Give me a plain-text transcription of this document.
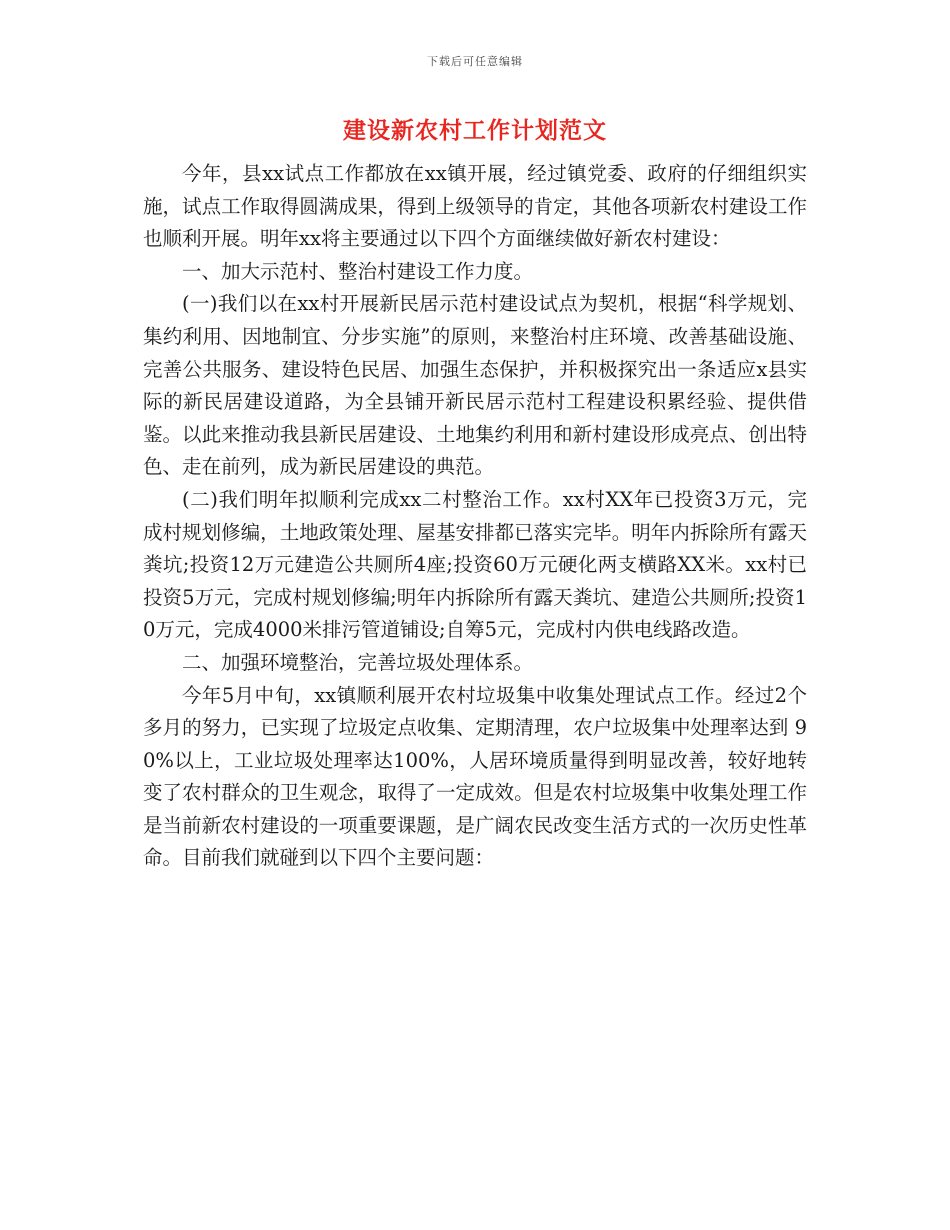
下载后可任意编辑
建设新农村工作计划范文

今年，县xx试点工作都放在xx镇开展，经过镇党委、政府的仔细组织实施，试点工作取得圆满成果，得到上级领导的肯定，其他各项新农村建设工作也顺利开展。明年xx将主要通过以下四个方面继续做好新农村建设：

一、加大示范村、整治村建设工作力度。

(一)我们以在xx村开展新民居示范村建设试点为契机，根据“科学规划、集约利用、因地制宜、分步实施”的原则，来整治村庄环境、改善基础设施、完善公共服务、建设特色民居、加强生态保护，并积极探究出一条适应x县实际的新民居建设道路，为全县铺开新民居示范村工程建设积累经验、提供借鉴。以此来推动我县新民居建设、土地集约利用和新村建设形成亮点、创出特色、走在前列，成为新民居建设的典范。

(二)我们明年拟顺利完成xx二村整治工作。xx村XX年已投资3万元，完成村规划修编，土地政策处理、屋基安排都已落实完毕。明年内拆除所有露天粪坑;投资12万元建造公共厕所4座;投资60万元硬化两支横路XX米。xx村已投资5万元，完成村规划修编;明年内拆除所有露天粪坑、建造公共厕所;投资10万元，完成4000米排污管道铺设;自筹5元，完成村内供电线路改造。

二、加强环境整治，完善垃圾处理体系。

今年5月中旬，xx镇顺利展开农村垃圾集中收集处理试点工作。经过2个多月的努力，已实现了垃圾定点收集、定期清理，农户垃圾集中处理率达到 90%以上，工业垃圾处理率达100%，人居环境质量得到明显改善，较好地转变了农村群众的卫生观念，取得了一定成效。但是农村垃圾集中收集处理工作是当前新农村建设的一项重要课题，是广阔农民改变生活方式的一次历史性革命。目前我们就碰到以下四个主要问题：
